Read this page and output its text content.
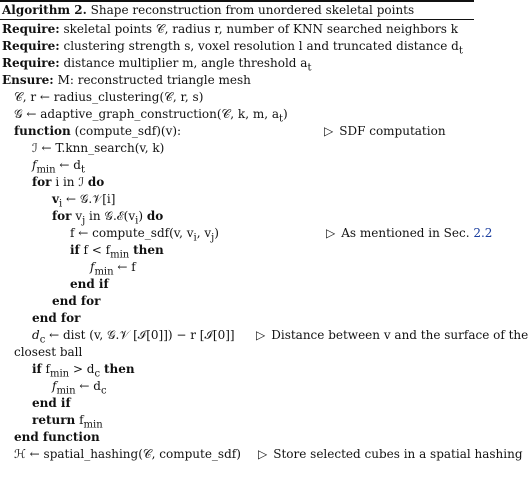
Algorithm 2. Shape reconstruction from unordered skeletal points
Require: skeletal points 𝒞, radius r, number of KNN searched neighbors k
Require: clustering strength s, voxel resolution l and truncated distance $d_t$
Require: distance multiplier m, angle threshold $a_t$
Ensure: M: reconstructed triangle mesh
𝒞, r ← radius_clustering(𝒞, r, s)
𝒢 ← adaptive_graph_construction(𝒞, k, m, $a_t$)
function (compute_sdf)(v):	▷ SDF computation
ℐ ← T.knn_search(v, k)
$f_{min}$ ← $d_t$
for i in ℐ do
$v_i$ ← 𝒢.𝒱[i]
for $v_j$ in $𝒢.ℰ(v_i)$ do
f ← compute_sdf(v, $v_i$, $v_j$)	▷ As mentioned in Sec. 2.2
if $f < f_{min}$ then
$f_{min}$ ← f
end if
end for
end for
$d_c$ ← dist (v, 𝒢.𝒱 [ℐ[0]]) − r [ℐ[0]] ▷ Distance between v and the surface of the
closest ball
if $f_{min} > d_c$ then
$f_{min}$ ← $d_c$
end if
return $f_{min}$
end function
ℋ ← spatial_hashing(𝒞, compute_sdf) ▷ Store selected cubes in a spatial hashing
